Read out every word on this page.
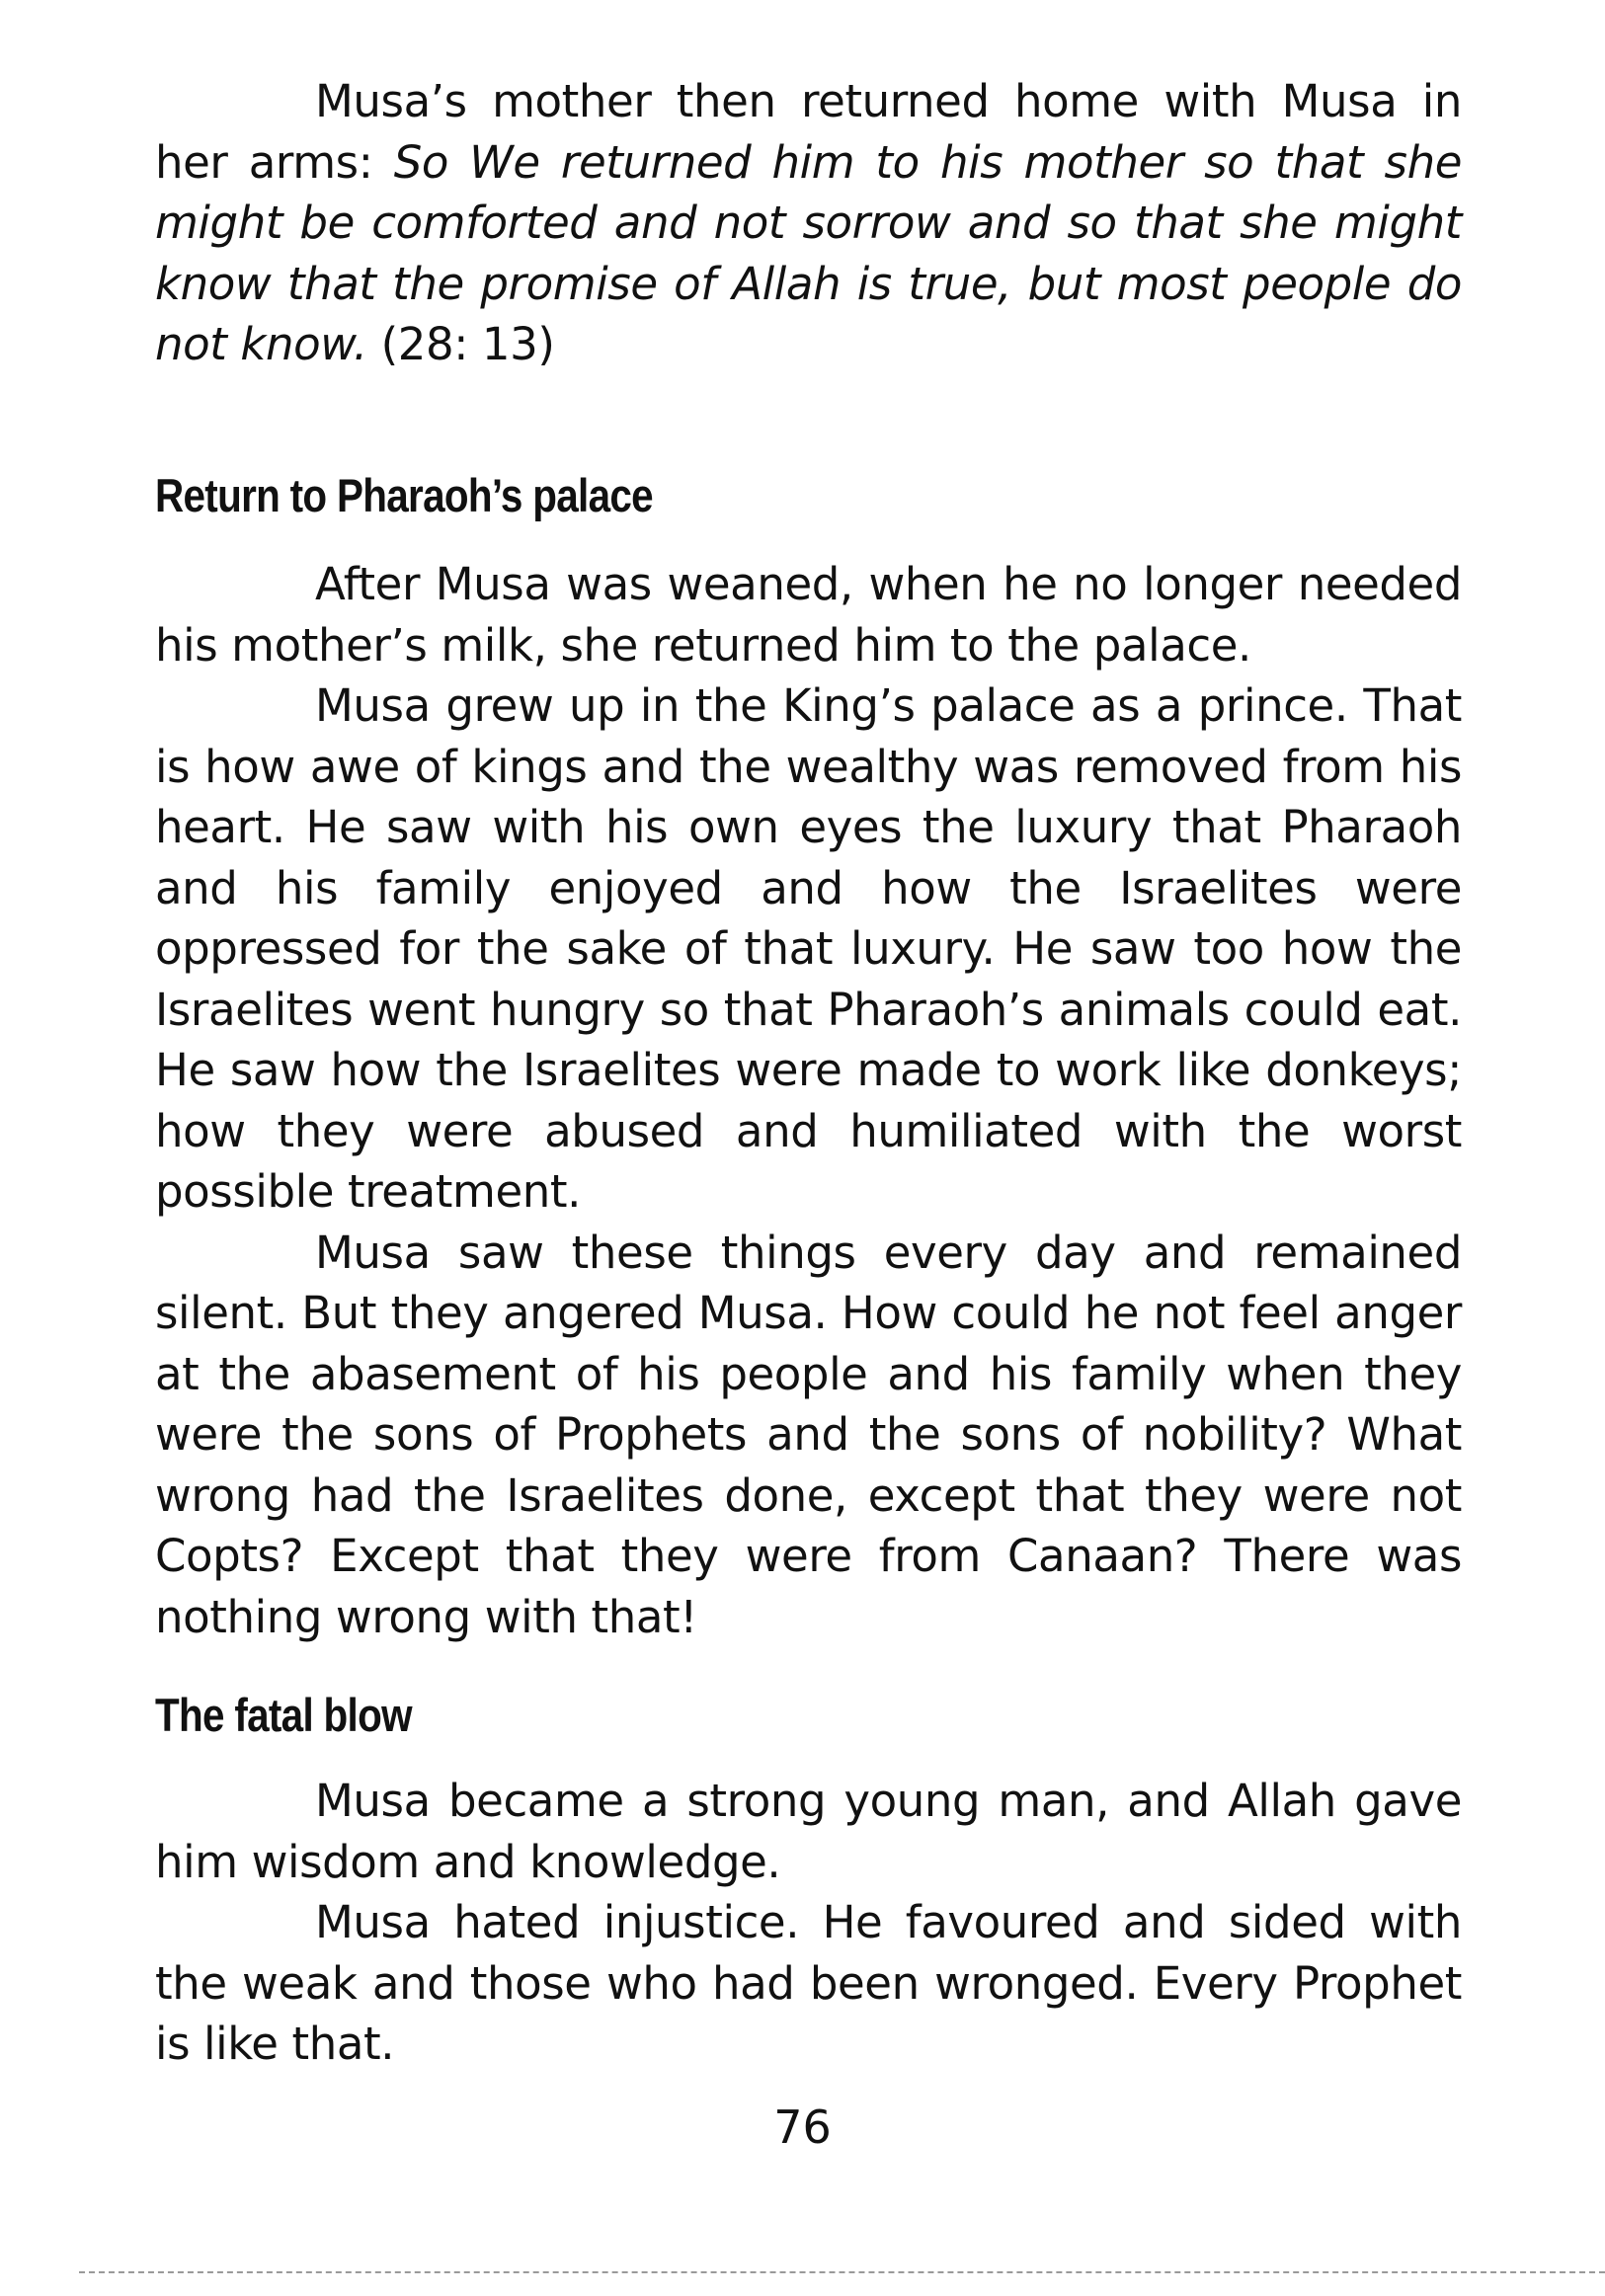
Musa’s mother then returned home with Musa in her arms: So We returned him to his mother so that she might be comforted and not sorrow and so that she might know that the promise of Allah is true, but most people do not know. (28: 13)

Return to Pharaoh’s palace

After Musa was weaned, when he no longer needed his mother’s milk, she returned him to the palace.

Musa grew up in the King’s palace as a prince. That is how awe of kings and the wealthy was removed from his heart. He saw with his own eyes the luxury that Pharaoh and his family enjoyed and how the Israelites were oppressed for the sake of that luxury. He saw too how the Israelites went hungry so that Pharaoh’s animals could eat. He saw how the Israelites were made to work like donkeys; how they were abused and humiliated with the worst possible treatment.

Musa saw these things every day and remained silent. But they angered Musa. How could he not feel anger at the abasement of his people and his family when they were the sons of Prophets and the sons of nobility? What wrong had the Israelites done, except that they were not Copts? Except that they were from Canaan? There was nothing wrong with that!

The fatal blow

Musa became a strong young man, and Allah gave him wisdom and knowledge.

Musa hated injustice. He favoured and sided with the weak and those who had been wronged. Every Prophet is like that.

76
